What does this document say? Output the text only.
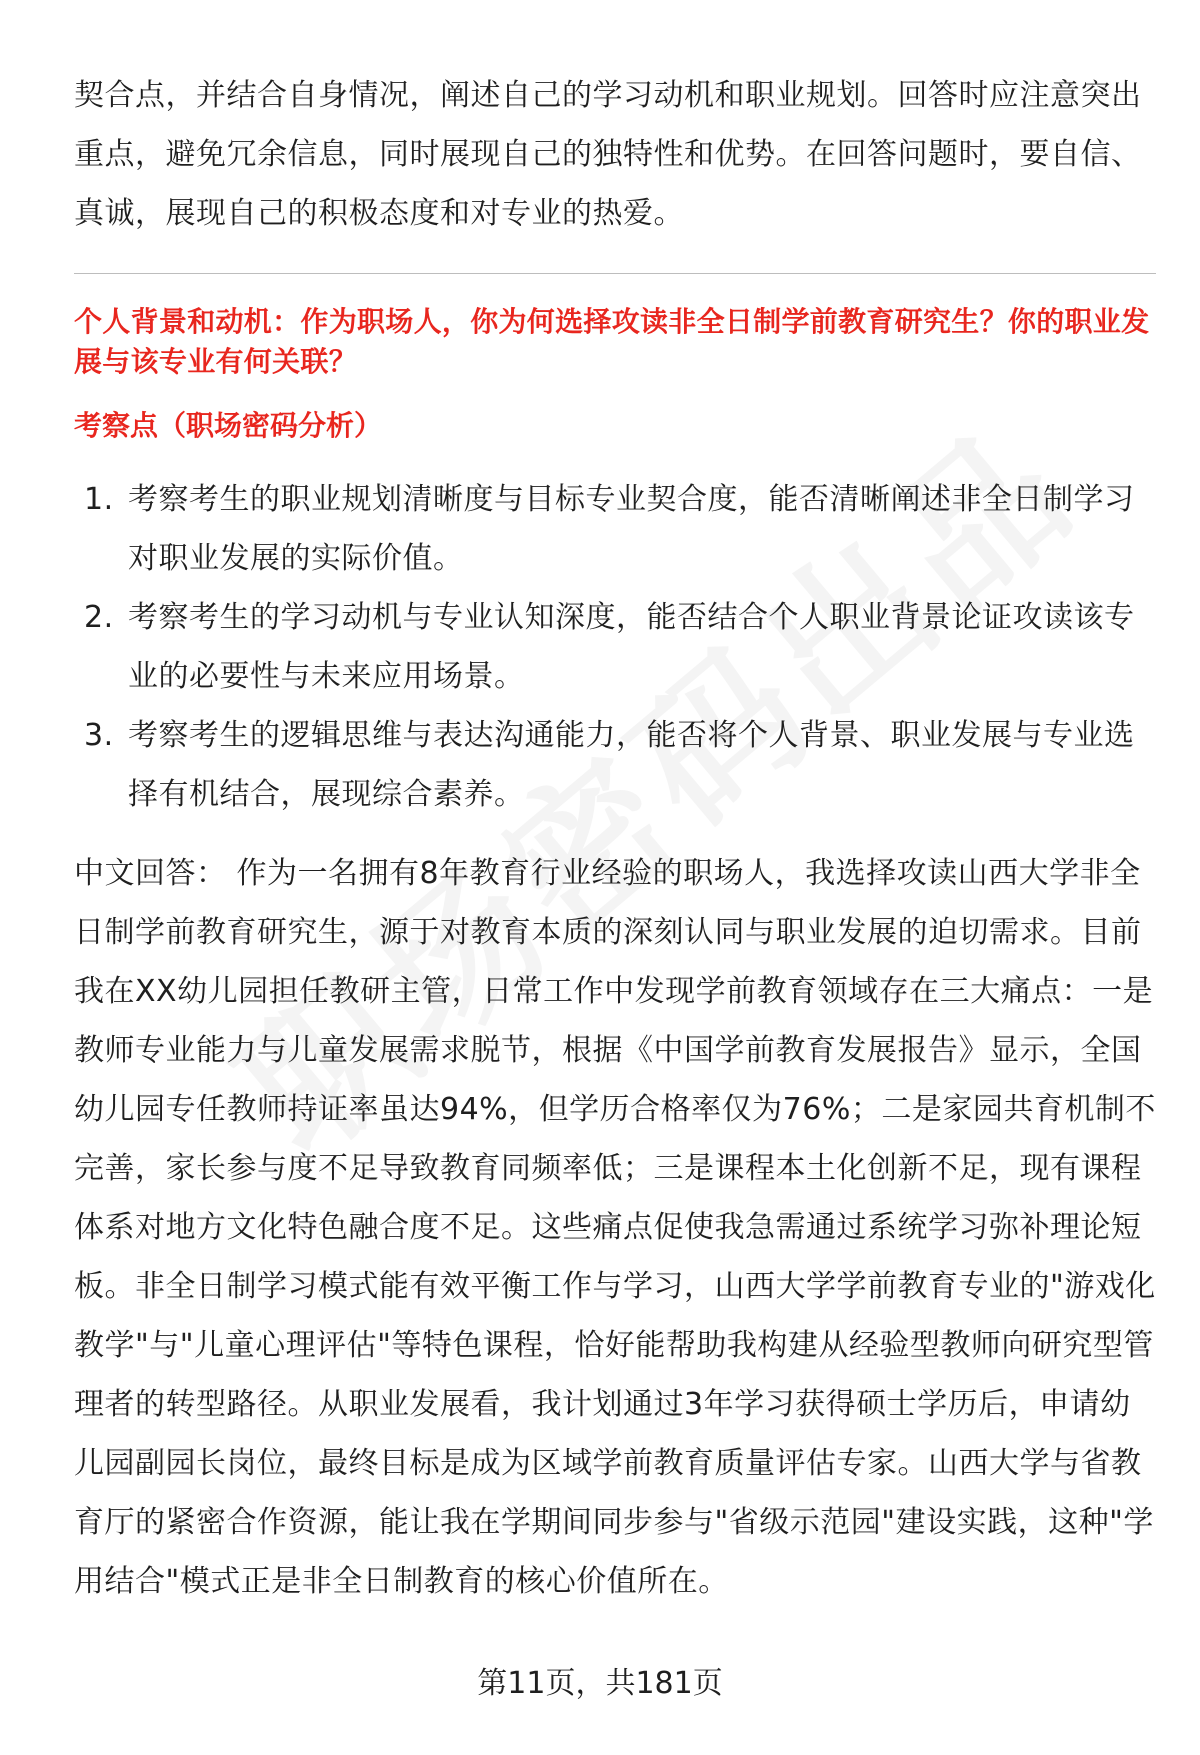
契合点，并结合自身情况，阐述自己的学习动机和职业规划。回答时应注意突出重点，避免冗余信息，同时展现自己的独特性和优势。在回答问题时，要自信、真诚，展现自己的积极态度和对专业的热爱。

个人背景和动机：作为职场人，你为何选择攻读非全日制学前教育研究生？你的职业发展与该专业有何关联？

考察点（职场密码分析）

1. 考察考生的职业规划清晰度与目标专业契合度，能否清晰阐述非全日制学习对职业发展的实际价值。
2. 考察考生的学习动机与专业认知深度，能否结合个人职业背景论证攻读该专业的必要性与未来应用场景。
3. 考察考生的逻辑思维与表达沟通能力，能否将个人背景、职业发展与专业选择有机结合，展现综合素养。

中文回答： 作为一名拥有8年教育行业经验的职场人，我选择攻读山西大学非全日制学前教育研究生，源于对教育本质的深刻认同与职业发展的迫切需求。目前我在XX幼儿园担任教研主管，日常工作中发现学前教育领域存在三大痛点：一是教师专业能力与儿童发展需求脱节，根据《中国学前教育发展报告》显示，全国幼儿园专任教师持证率虽达94%，但学历合格率仅为76%；二是家园共育机制不完善，家长参与度不足导致教育同频率低；三是课程本土化创新不足，现有课程体系对地方文化特色融合度不足。这些痛点促使我急需通过系统学习弥补理论短板。非全日制学习模式能有效平衡工作与学习，山西大学学前教育专业的"游戏化教学"与"儿童心理评估"等特色课程，恰好能帮助我构建从经验型教师向研究型管理者的转型路径。从职业发展看，我计划通过3年学习获得硕士学历后，申请幼儿园副园长岗位，最终目标是成为区域学前教育质量评估专家。山西大学与省教育厅的紧密合作资源，能让我在学期间同步参与"省级示范园"建设实践，这种"学用结合"模式正是非全日制教育的核心价值所在。

第11页，共181页
